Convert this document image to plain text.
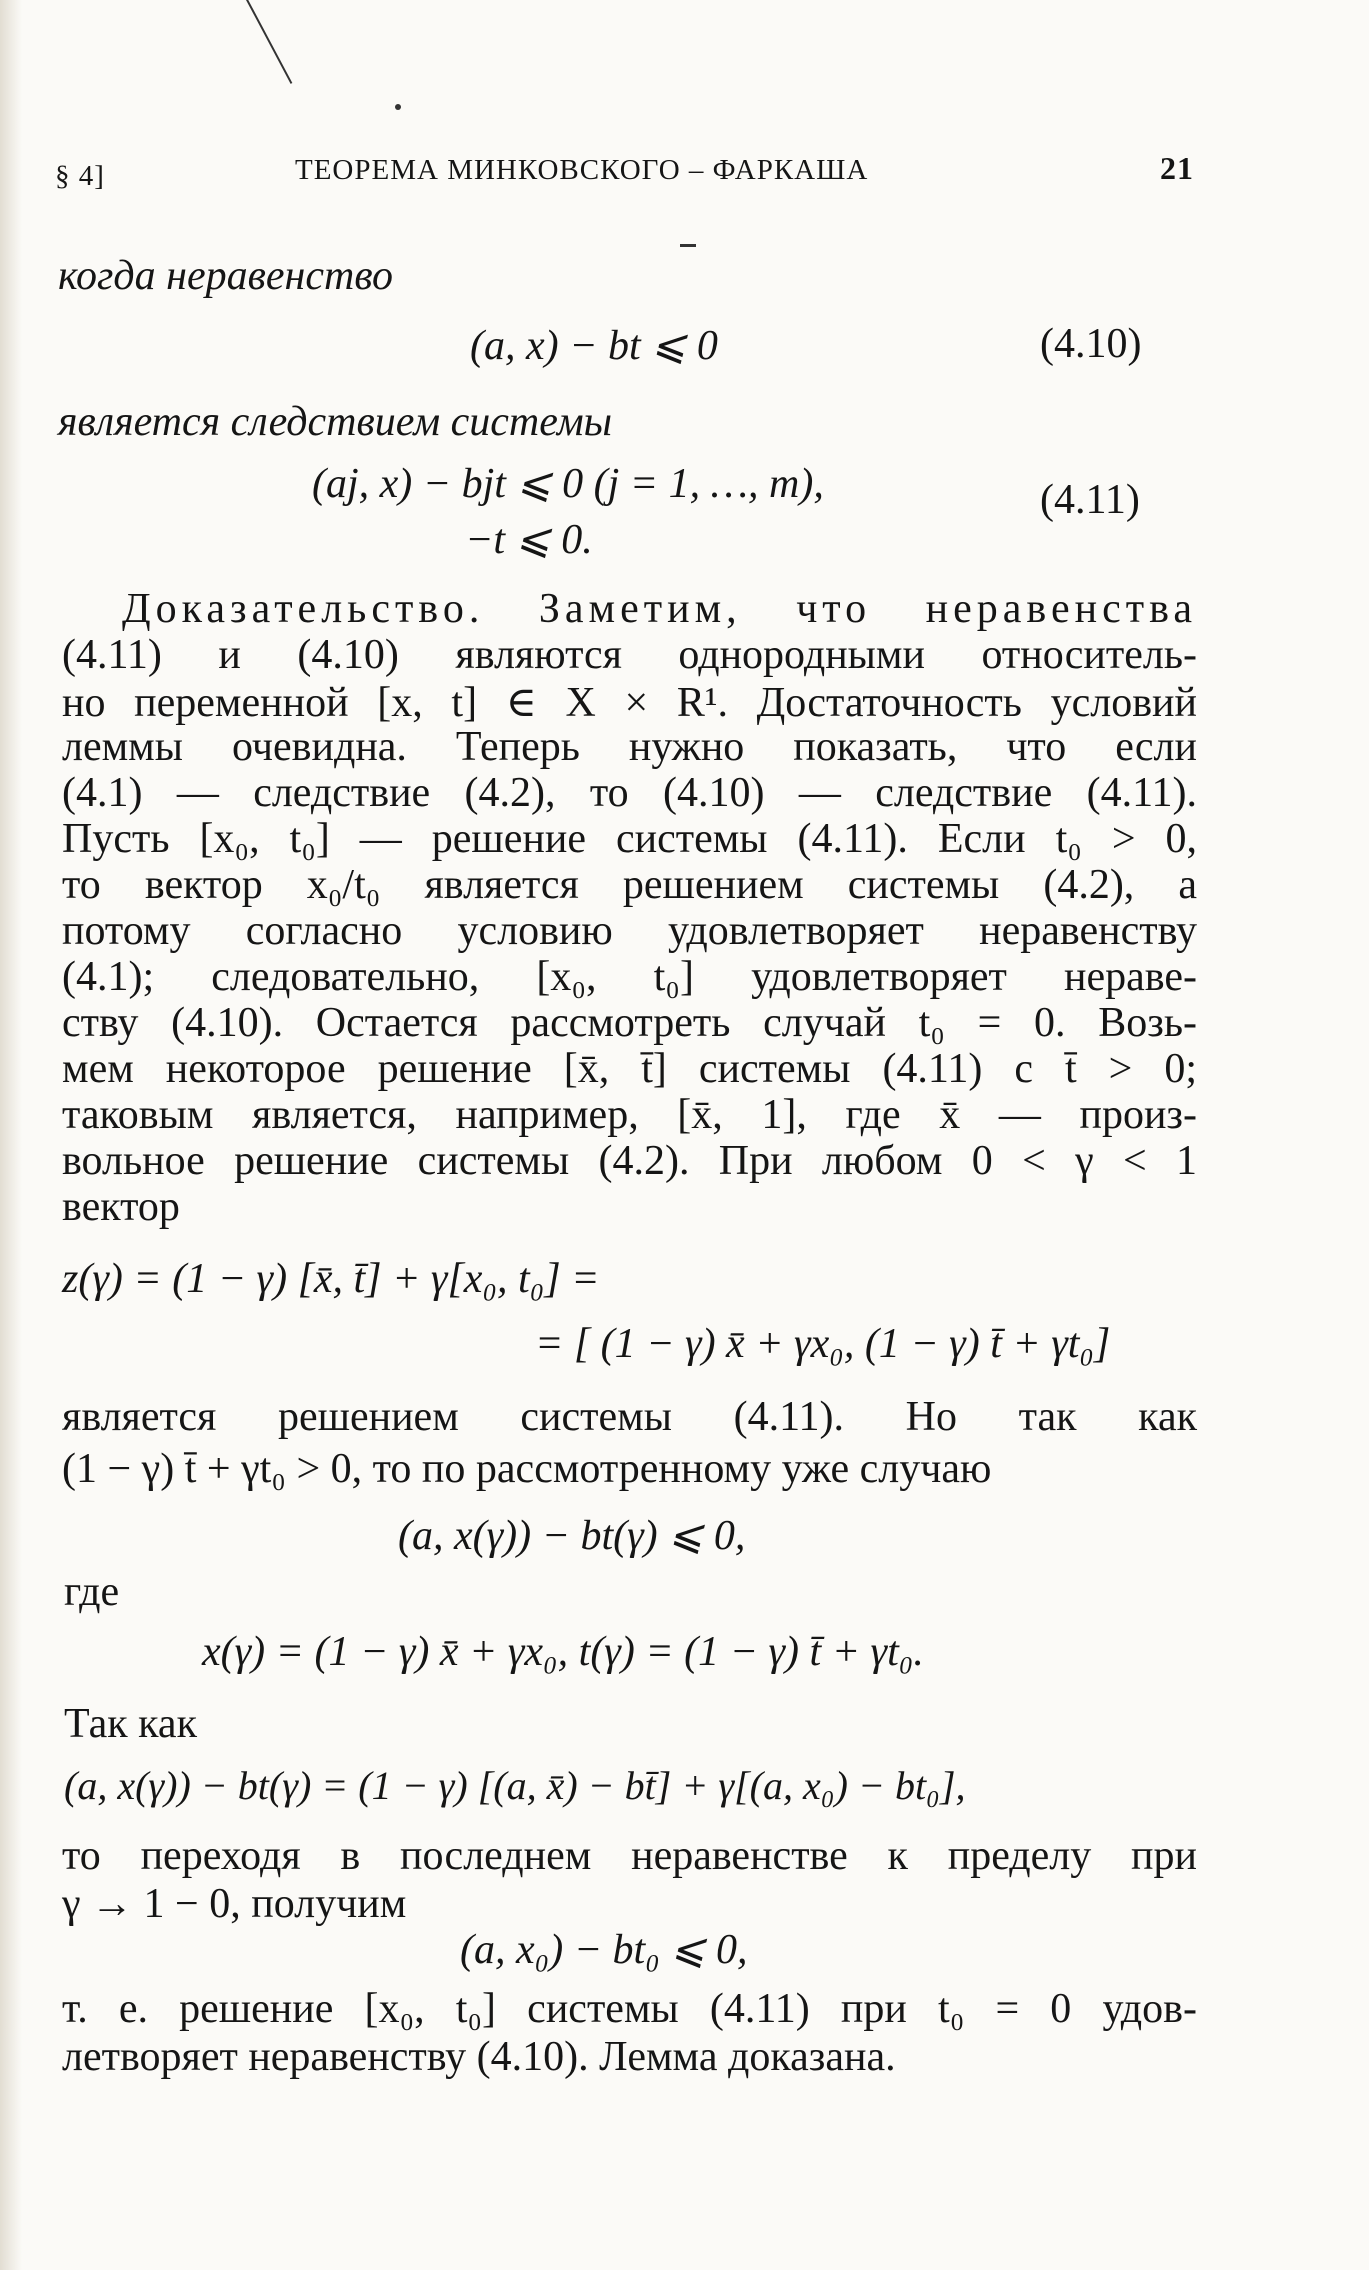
§ 4]	ТЕОРЕМА МИНКОВСКОГО – ФАРКАША	21
когда неравенство
(a, x) − bt ⩽ 0	(4.10)
является следствием системы
(aj, x) − bjt ⩽ 0 (j = 1, …, m),
−t ⩽ 0.
(4.11)
Доказательство. Заметим, что неравенства
(4.11) и (4.10) являются однородными относитель-
но переменной [x, t] ∈ X × R¹. Достаточность условий
леммы очевидна. Теперь нужно показать, что если
(4.1) — следствие (4.2), то (4.10) — следствие (4.11).
Пусть [x₀, t₀] — решение системы (4.11). Если t₀ > 0,
то вектор x₀/t₀ является решением системы (4.2), а
потому согласно условию удовлетворяет неравенству
(4.1); следовательно, [x₀, t₀] удовлетворяет нераве-
ству (4.10). Остается рассмотреть случай t₀ = 0. Возь-
мем некоторое решение [x̄, t̄] системы (4.11) с t̄ > 0;
таковым является, например, [x̄, 1], где x̄ — произ-
вольное решение системы (4.2). При любом 0 < γ < 1
вектор
z(γ) = (1 − γ) [x̄, t̄] + γ[x₀, t₀] =
= [ (1 − γ) x̄ + γx₀, (1 − γ) t̄ + γt₀]
является решением системы (4.11). Но так как
(1 − γ) t̄ + γt₀ > 0, то по рассмотренному уже случаю
(a, x(γ)) − bt(γ) ⩽ 0,
где
x(γ) = (1 − γ) x̄ + γx₀, t(γ) = (1 − γ) t̄ + γt₀.
Так как
(a, x(γ)) − bt(γ) = (1 − γ) [(a, x̄) − bt̄] + γ[(a, x₀) − bt₀],
то переходя в последнем неравенстве к пределу при
γ → 1 − 0, получим
(a, x₀) − bt₀ ⩽ 0,
т. е. решение [x₀, t₀] системы (4.11) при t₀ = 0 удов-
летворяет неравенству (4.10). Лемма доказана.
